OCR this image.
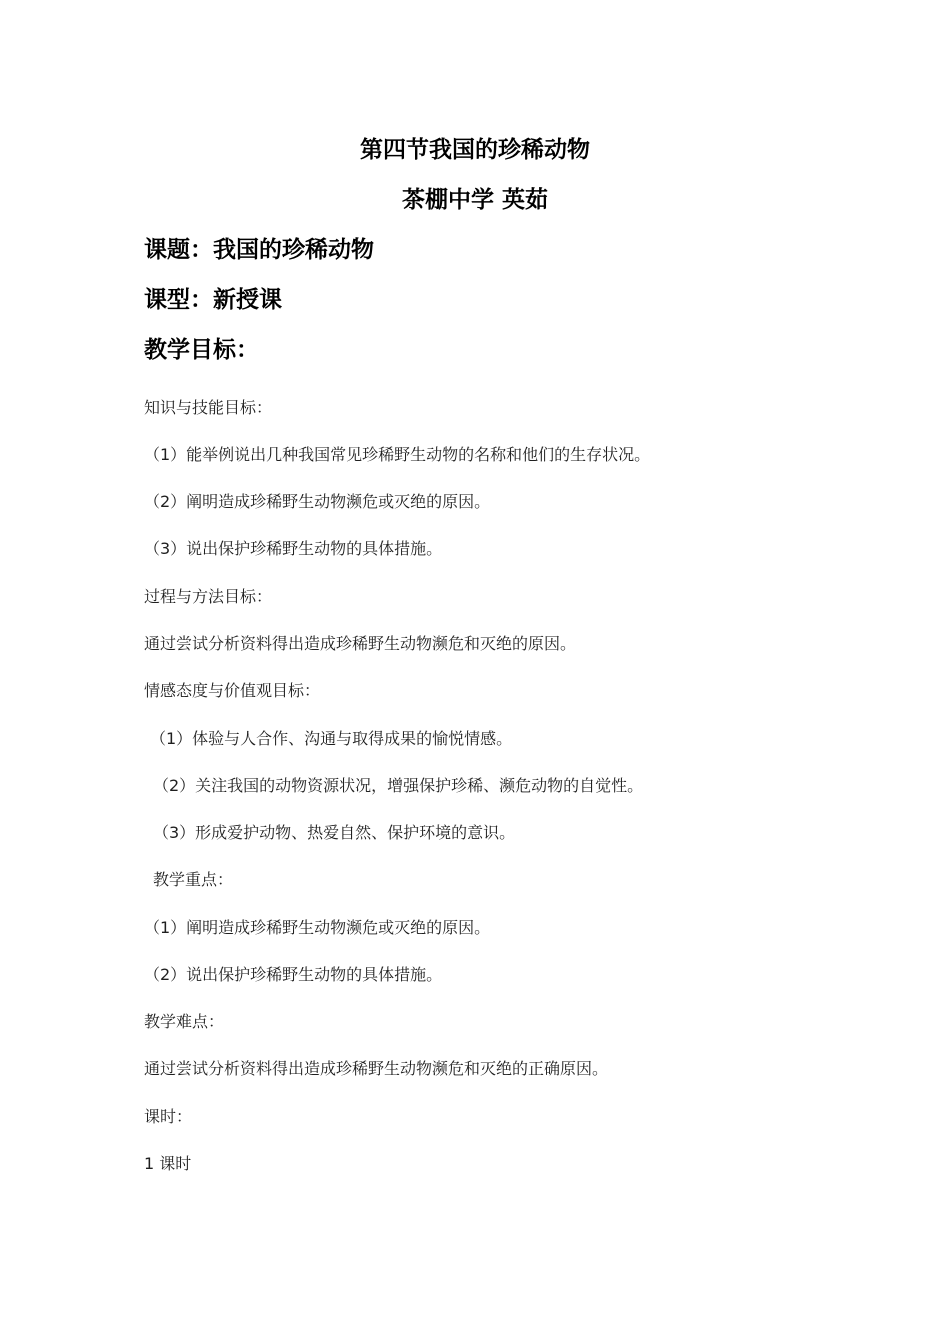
第四节我国的珍稀动物
茶棚中学 英茹
课题：我国的珍稀动物
课型：新授课
教学目标：
知识与技能目标：
（1）能举例说出几种我国常见珍稀野生动物的名称和他们的生存状况。
（2）阐明造成珍稀野生动物濒危或灭绝的原因。
（3）说出保护珍稀野生动物的具体措施。
过程与方法目标：
通过尝试分析资料得出造成珍稀野生动物濒危和灭绝的原因。
情感态度与价值观目标：
（1）体验与人合作、沟通与取得成果的愉悦情感。
（2）关注我国的动物资源状况，增强保护珍稀、濒危动物的自觉性。
（3）形成爱护动物、热爱自然、保护环境的意识。
教学重点：
（1）阐明造成珍稀野生动物濒危或灭绝的原因。
（2）说出保护珍稀野生动物的具体措施。
教学难点：
通过尝试分析资料得出造成珍稀野生动物濒危和灭绝的正确原因。
课时：
1 课时
